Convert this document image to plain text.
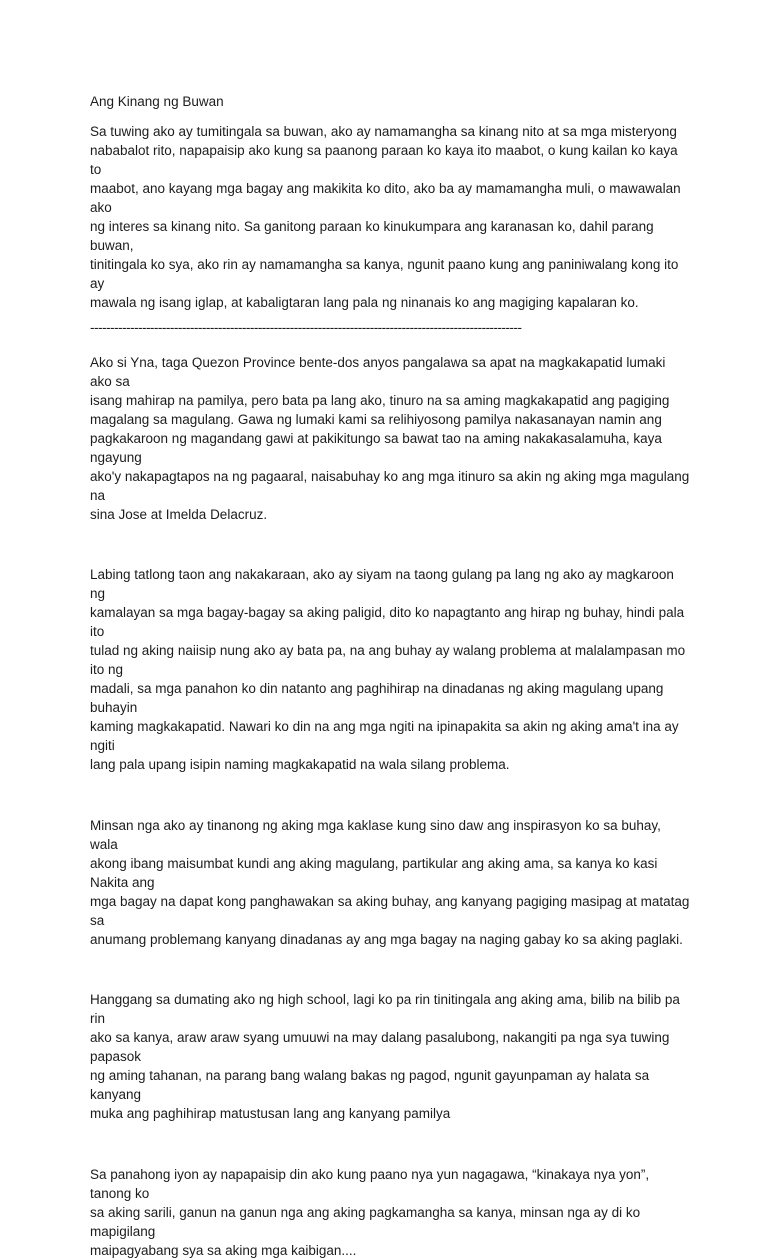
Ang Kinang ng Buwan

Sa tuwing ako ay tumitingala sa buwan, ako ay namamangha sa kinang nito at sa mga misteryong
nababalot rito, napapaisip ako kung sa paanong paraan ko kaya ito maabot, o kung kailan ko kaya to
maabot, ano kayang mga bagay ang makikita ko dito, ako ba ay mamamangha muli, o mawawalan ako
ng interes sa kinang nito. Sa ganitong paraan ko kinukumpara ang karanasan ko, dahil parang buwan,
tinitingala ko sya, ako rin ay namamangha sa kanya, ngunit paano kung ang paniniwalang kong ito ay
mawala ng isang iglap, at kabaligtaran lang pala ng ninanais ko ang magiging kapalaran ko.

------------------------------------------------------------------------------------------------------------

Ako si Yna, taga Quezon Province bente-dos anyos pangalawa sa apat na magkakapatid lumaki ako sa
isang mahirap na pamilya, pero bata pa lang ako, tinuro na sa aming magkakapatid ang pagiging
magalang sa magulang. Gawa ng lumaki kami sa relihiyosong pamilya nakasanayan namin ang
pagkakaroon ng magandang gawi at pakikitungo sa bawat tao na aming nakakasalamuha, kaya ngayung
ako'y nakapagtapos na ng pagaaral, naisabuhay ko ang mga itinuro sa akin ng aking mga magulang na
sina Jose at Imelda Delacruz.

Labing tatlong taon ang nakakaraan, ako ay siyam na taong gulang pa lang ng ako ay magkaroon ng
kamalayan sa mga bagay-bagay sa aking paligid, dito ko napagtanto ang hirap ng buhay, hindi pala ito
tulad ng aking naiisip nung ako ay bata pa, na ang buhay ay walang problema at malalampasan mo ito ng
madali, sa mga panahon ko din natanto ang paghihirap na dinadanas ng aking magulang upang buhayin
kaming magkakapatid. Nawari ko din na ang mga ngiti na ipinapakita sa akin ng aking ama't ina ay ngiti
lang pala upang isipin naming magkakapatid na wala silang problema.

Minsan nga ako ay tinanong ng aking mga kaklase kung sino daw ang inspirasyon ko sa buhay, wala
akong ibang maisumbat kundi ang aking magulang, partikular ang aking ama, sa kanya ko kasi Nakita ang
mga bagay na dapat kong panghawakan sa aking buhay, ang kanyang pagiging masipag at matatag sa
anumang problemang kanyang dinadanas ay ang mga bagay na naging gabay ko sa aking paglaki.

Hanggang sa dumating ako ng high school, lagi ko pa rin tinitingala ang aking ama, bilib na bilib pa rin
ako sa kanya, araw araw syang umuuwi na may dalang pasalubong, nakangiti pa nga sya tuwing papasok
ng aming tahanan, na parang bang walang bakas ng pagod, ngunit gayunpaman ay halata sa kanyang
muka ang paghihirap matustusan lang ang kanyang pamilya

Sa panahong iyon ay napapaisip din ako kung paano nya yun nagagawa, “kinakaya nya yon”, tanong ko
sa aking sarili, ganun na ganun nga ang aking pagkamangha sa kanya, minsan nga ay di ko mapigilang
maipagyabang sya sa aking mga kaibigan....
